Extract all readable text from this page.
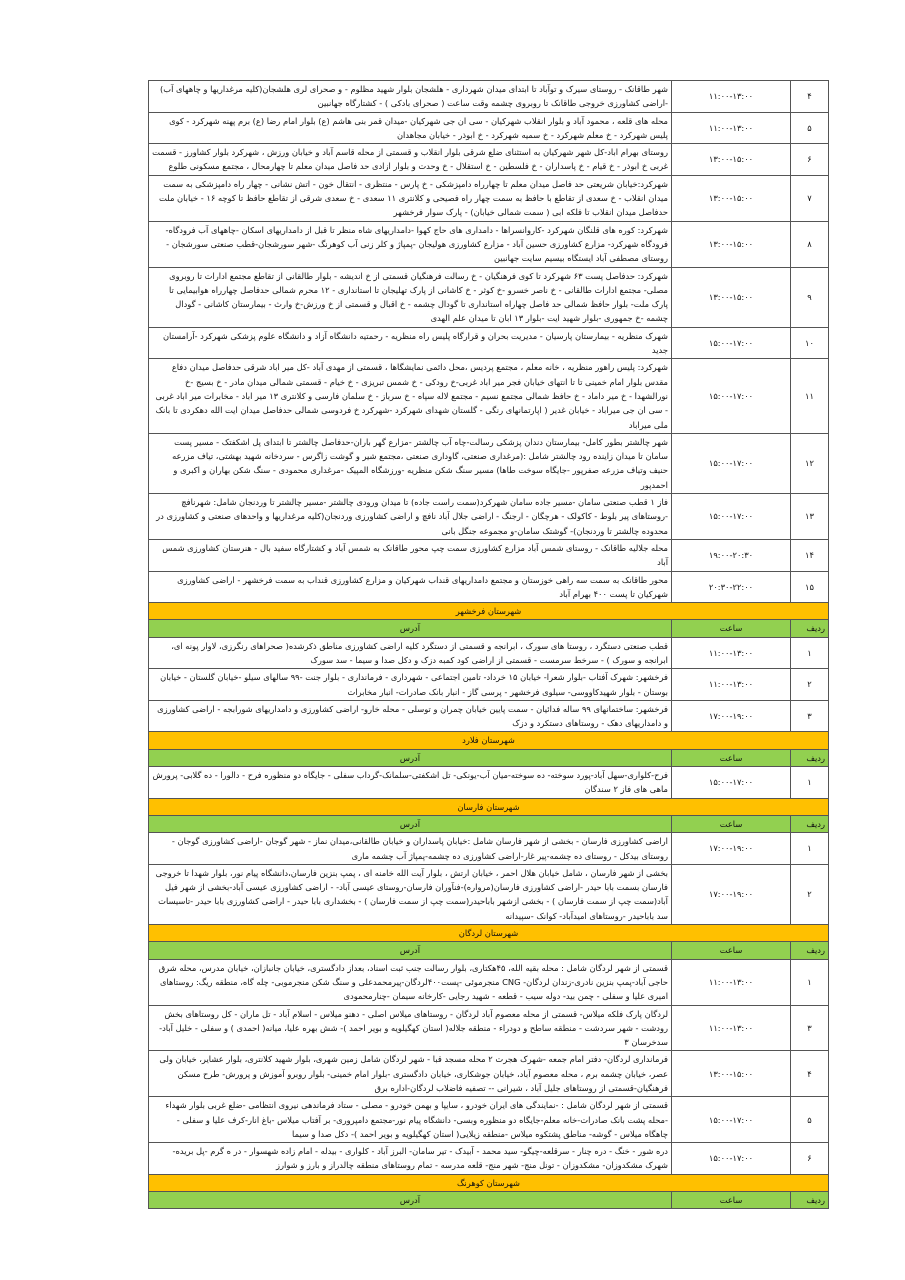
۴	۱۱:۰۰-۱۳:۰۰	شهر طاقانک - روستای سیرک و توآباد تا ابتدای میدان شهرداری - هلشجان بلوار شهید مظلوم - و صحرای لری هلشجان(کلیه مرغداریها و چاههای آب) -اراضی کشاورزی خروجی طاقانک تا روبروی چشمه وقت ساعت ( صحرای بادکی ) - کشتارگاه جهانبین
۵	۱۱:۰۰-۱۳:۰۰	محله های قلعه ، محمود آباد و بلوار انقلاب شهرکیان - سی ان جی شهرکیان -میدان قمر بنی هاشم (ع) بلوار امام رضا (ع) برم پهنه شهرکرد - کوی پلیس شهرکرد - خ معلم شهرکرد - خ سمیه شهرکرد - خ ابوذر - خیابان مجاهدان
۶	۱۳:۰۰-۱۵:۰۰	روستای بهرام اباد-کل شهر شهرکیان به استثنای ضلع شرقی بلوار انقلاب و قسمتی از محله قاسم آباد و خیابان ورزش ، شهرکرد بلوار کشاورز - قسمت غربی خ ابوذر - خ قیام - خ پاسداران - خ فلسطین - خ استقلال - خ وحدت و بلوار ازادی حد فاصل میدان معلم تا چهارمحال ، مجتمع مسکونی طلوع
۷	۱۳:۰۰-۱۵:۰۰	شهرکرد:خیابان شریعتی حد فاصل میدان معلم تا چهارراه دامپزشکی - خ پارس - منتظری - انتقال خون - اتش نشانی - چهار راه دامپزشکی به سمت میدان انقلاب - خ سعدی از تقاطع با حافظ به سمت چهار راه فصیحی و کلانتری ۱۱ سعدی - خ سعدی شرقی از تقاطع حافظ تا کوچه ۱۶ - خیابان ملت حدفاصل میدان انقلاب تا فلکه ابی ( سمت شمالی خیابان) - پارک سوار فرخشهر
۸	۱۳:۰۰-۱۵:۰۰	شهرکرد: کوره های قلنگان شهرکرد -کاروانسراها - دامداری های حاج کهوا -دامداریهای شاه منظر تا قبل از دامداریهای اسکان -چاههای آب فرودگاه-فرودگاه شهرکرد- مزارع کشاورزی حسین آباد - مزارع کشاورزی هولیجان -پمپاژ و کلر زنی آب کوهرنگ -شهر سورشجان-قطب صنعتی سورشجان - روستای مصطفی آباد ایستگاه بیسیم سایت جهانبین
۹	۱۳:۰۰-۱۵:۰۰	شهرکرد: حدفاصل پست ۶۳ شهرکرد تا کوی فرهنگیان - خ رسالت فرهنگیان قسمتی از خ اندیشه - بلوار طالقانی از تقاطع مجتمع ادارات تا روبروی مصلی- مجتمع ادارات طالقانی - خ ناصر خسرو -خ کوثر - خ کاشانی از پارک تهلیجان تا استانداری - ۱۲ محرم شمالی حدفاصل چهارراه هوابیمایی تا پارک ملت- بلوار حافظ شمالی حد فاصل چهاراه استانداری تا گودال چشمه - خ اقبال و قسمتی از خ ورزش-خ وارث - بیمارستان کاشانی - گودال چشمه -خ جمهوری -بلوار شهید ایت -بلوار ۱۳ ابان تا میدان علم الهدی
۱۰	۱۵:۰۰-۱۷:۰۰	شهرک منظریه - بیمارستان پارسیان - مدیریت بحران و قرارگاه پلیس راه منظریه - رحمتیه دانشگاه آزاد و دانشگاه علوم پزشکی شهرکرد -آرامستان جدید
۱۱	۱۵:۰۰-۱۷:۰۰	شهرکرد: پلیس راهور منظریه ، خانه معلم ، مجتمع پردیس ،محل دائمی نمایشگاها ، قسمتی از مهدی آباد -کل میر اباد شرقی حدفاصل میدان دفاع مقدس بلوار امام خمینی تا تا انتهای خیابان فجر میر اباد غربی-خ رودکی - خ شمس تبریزی - خ خیام - قسمتی شمالی میدان مادر - خ بسیج -خ نورالشهدا - خ میر داماد - خ حافظ شمالی مجتمع نسیم - مجتمع لاله سپاه - خ سرباز - خ سلمان فارسی و کلانتری ۱۳ میر اباد - مخابرات میر اباد غربی - سی ان جی میراباد - خیابان غدیر ( اپارتمانهای رنگی - گلستان شهدای شهرکرد -شهرکرد خ فردوسی شمالی حدفاصل میدان ایت الله دهکردی تا بانک ملی میراباد
۱۲	۱۵:۰۰-۱۷:۰۰	شهر چالشتر بطور کامل- بیمارستان دندان پزشکی رسالت-چاه آب چالشتر -مزارع گهر باران-حدفاصل چالشتر تا ابتدای پل اشکفتک - مسیر پست سامان تا میدان زاینده رود چالشتر شامل :(مرغداری صنعتی، گاوداری صنعتی ،مجتمع شیر و گوشت زاگرس - سردخانه شهید بهشتی، تیاف مزرعه حنیف وتیاف مزرعه صفرپور -جایگاه سوخت طاها) مسیر سنگ شکن منظریه -ورزشگاه المپیک -مرغداری محمودی - سنگ شکن بهاران و اکبری و احمدپور
۱۳	۱۵:۰۰-۱۷:۰۰	فاز ۱ قطب صنعتی سامان -مسیر جاده سامان شهرکرد(سمت راست جاده) تا میدان ورودی چالشتر -مسیر چالشتر تا وردنجان شامل: شهرنافچ -روستاهای پیر بلوط - کاکولک - هرچگان - ارجنگ - اراضی جلال آباد نافچ و اراضی کشاورزی وردنجان(کلیه مرغداریها و واحدهای صنعتی و کشاورزی در محدوده چالشتر تا وردنجان)- گوشتک سامان-و مجموعه جنگل بانی
۱۴	۱۹:۰۰-۲۰:۳۰	محله جلالیه طاقانک - روستای شمس آباد مزارع کشاورزی سمت چپ محور طاقانک به شمس آباد و کشتارگاه سفید بال - هنرستان کشاورزی شمس آباد
۱۵	۲۰:۳۰-۲۲:۰۰	محور طاقانک به سمت سه راهی خوزستان و مجتمع دامداریهای قنداب شهرکیان و مزارع کشاورزی قنداب به سمت فرخشهر - اراضی کشاورزی شهرکیان تا پست ۴۰۰ بهرام آباد
شهرستان فرخشهر		
ردیف	ساعت	آدرس
۱	۱۱:۰۰-۱۳:۰۰	قطب صنعتی دستگرد ، روستا های سورک ، ابرانجه و قسمتی از دستگرد کلیه اراضی کشاورزی مناطق ذکرشده( صحراهای رنگرزی، لاوار پونه ای، ابرانجه و سورک ) - سرخط سرمست - قسمتی از اراضی کود کمبه دزک و دکل صدا و سیما - سد سورک
۲	۱۱:۰۰-۱۳:۰۰	فرخشهر: شهرک آفتاب -بلوار شعرا- خیابان ۱۵ خرداد- تامین اجتماعی - شهرداری - فرمانداری - بلوار جنت -۹۹ سالهای سیلو -خیابان گلستان - خیابان بوستان - بلوار شهیدکاووسی- سیلوی فرخشهر - پرسی گاز - انبار بانک صادرات- انبار مخابرات
۳	۱۷:۰۰-۱۹:۰۰	فرخشهر: ساختمانهای ۹۹ ساله فدائیان - سمت پایین خیابان چمران و توسلی - محله خارو- اراضی کشاورزی و دامداریهای شورابجه - اراضی کشاورزی و دامداریهای دهک - روستاهای دستکرد و دزک
شهرستان فلارد		
ردیف	ساعت	آدرس
۱	۱۵:۰۰-۱۷:۰۰	فرح-کلواری-سهل آباد-پورد سوخته- ده سوخته-میان آب-یونکی- تل اشکفتی-سلمانک-گرداب سفلی - جایگاه دو منظوره فرح - دالورا - ده گلابی- پرورش ماهی های فاز ۲ سندگان
شهرستان فارسان		
ردیف	ساعت	آدرس
۱	۱۷:۰۰-۱۹:۰۰	اراضی کشاورزی فارسان - بخشی از شهر فارسان شامل :خیابان پاسداران و خیابان طالقانی،میدان نماز - شهر گوجان -اراضی کشاورزی گوجان - روستای بیدکل - روستای ده چشمه-پیر غار-اراضی کشاورزی ده چشمه-پمپاژ آب چشمه ماری
۲	۱۷:۰۰-۱۹:۰۰	بخشی از شهر فارسان ، شامل خیابان هلال احمر ، خیابان ارتش ، بلوار آیت الله خامنه ای ، پمپ بنزین فارسان،دانشگاه پیام نور، بلوار شهدا تا خروجی فارسان بسمت بابا حیدر -اراضی کشاورزی فارسان(مرواره)-فنآوران فارسان-روستای عیسی آباد- - اراضی کشاورزی عیسی آباد-بخشی از شهر فیل آباد(سمت چپ از سمت فارسان ) - بخشی ازشهر باباحیدر(سمت چپ از سمت فارسان ) - بخشداری بابا حیدر - اراضی کشاورزی بابا حیدر -تاسیسات سد باباحیدر -روستاهای امیدآباد- کوانک -سپیدانه
شهرستان لردگان		
ردیف	ساعت	آدرس
۱	۱۱:۰۰-۱۳:۰۰	قسمتی از شهر لردگان شامل : محله بقیه الله، ۴۵هکتاری، بلوار رسالت جنب ثبت اسناد، بعداز دادگستری، خیابان جانبازان، خیابان مدرس، محله شرق حاجی آباد-پمپ بنزین نادری-زندان لردگان- CNG منجرموئی -پست۴۰۰لردگان-پیرمحمدعلی و سنگ شکن منجرموبی- چله گاه، منطقه ریگ: روستاهای امیری علیا و سفلی - چمن بید- دوله سیب - قطعه - شهید رجایی -کارخانه سیمان -چنارمحمودی
۳	۱۱:۰۰-۱۳:۰۰	لردگان پارک فلکه میلاس- قسمتی از محله معصوم آباد لردگان - روستاهای میلاس اصلی - دهنو میلاس - اسلام آباد - تل ماران - کل روستاهای بخش رودشت - شهر سردشت - منطقه ساطح و دودراء - منطقه جلاله( استان کهگیلویه و بویر احمد )- شش بهره علیا، میانه( احمدی ) و سفلی - خلیل آباد- سدخرسان ۳
۴	۱۳:۰۰-۱۵:۰۰	فرمانداری لردگان- دفتر امام جمعه -شهرک هجرت ۲ محله مسجد قبا - شهر لردگان شامل زمین شهری، بلوار شهید کلانتری، بلوار عشایر، خیابان ولی عصر، خیابان چشمه برم ، محله معصوم آباد، خیابان جوشکاری، خیابان دادگستری -بلوار امام خمینی- بلوار روبرو آموزش و پرورش- طرح مسکن فرهنگیان-قسمتی از روستاهای جلیل آباد ، شیرانی -- تصفیه فاضلاب لردگان-اداره برق
۵	۱۵:۰۰-۱۷:۰۰	قسمتی از شهر لردگان شامل : -نمایندگی های ایران خودرو ، سایپا و بهمن خودرو - مصلی - ستاد فرماندهی نیروی انتظامی -ضلع غربی بلوار شهداء -محله پشت بانک صادرات-خانه معلم-جایگاه دو منظوره وبسی- دانشگاه پیام نور-مجتمع دامپروری- بر آفتاب میلاس -باغ انار-کرف علیا و سفلی - چاهگاه میلاس - گوشه- مناطق پشتکوه میلاس -منطقه زیلایی( استان کهگیلویه و بویر احمد )- دکل صدا و سیما
۶	۱۵:۰۰-۱۷:۰۰	دره شور - خنگ - دره چنار - سرقلعه-چیگو- سید محمد - آبیدک - تیر سامان- البرز آباد - کلواری - بیدله - امام زاده شهسوار - در ه گرم -پل بریده- شهرک مشکدوزان- مشکدوزان - تونل منج- شهر منج- قلعه مدرسه - تمام روستاهای منطقه چالدراز و بارز و شوارز
شهرستان کوهرنگ		
ردیف	ساعت	آدرس
